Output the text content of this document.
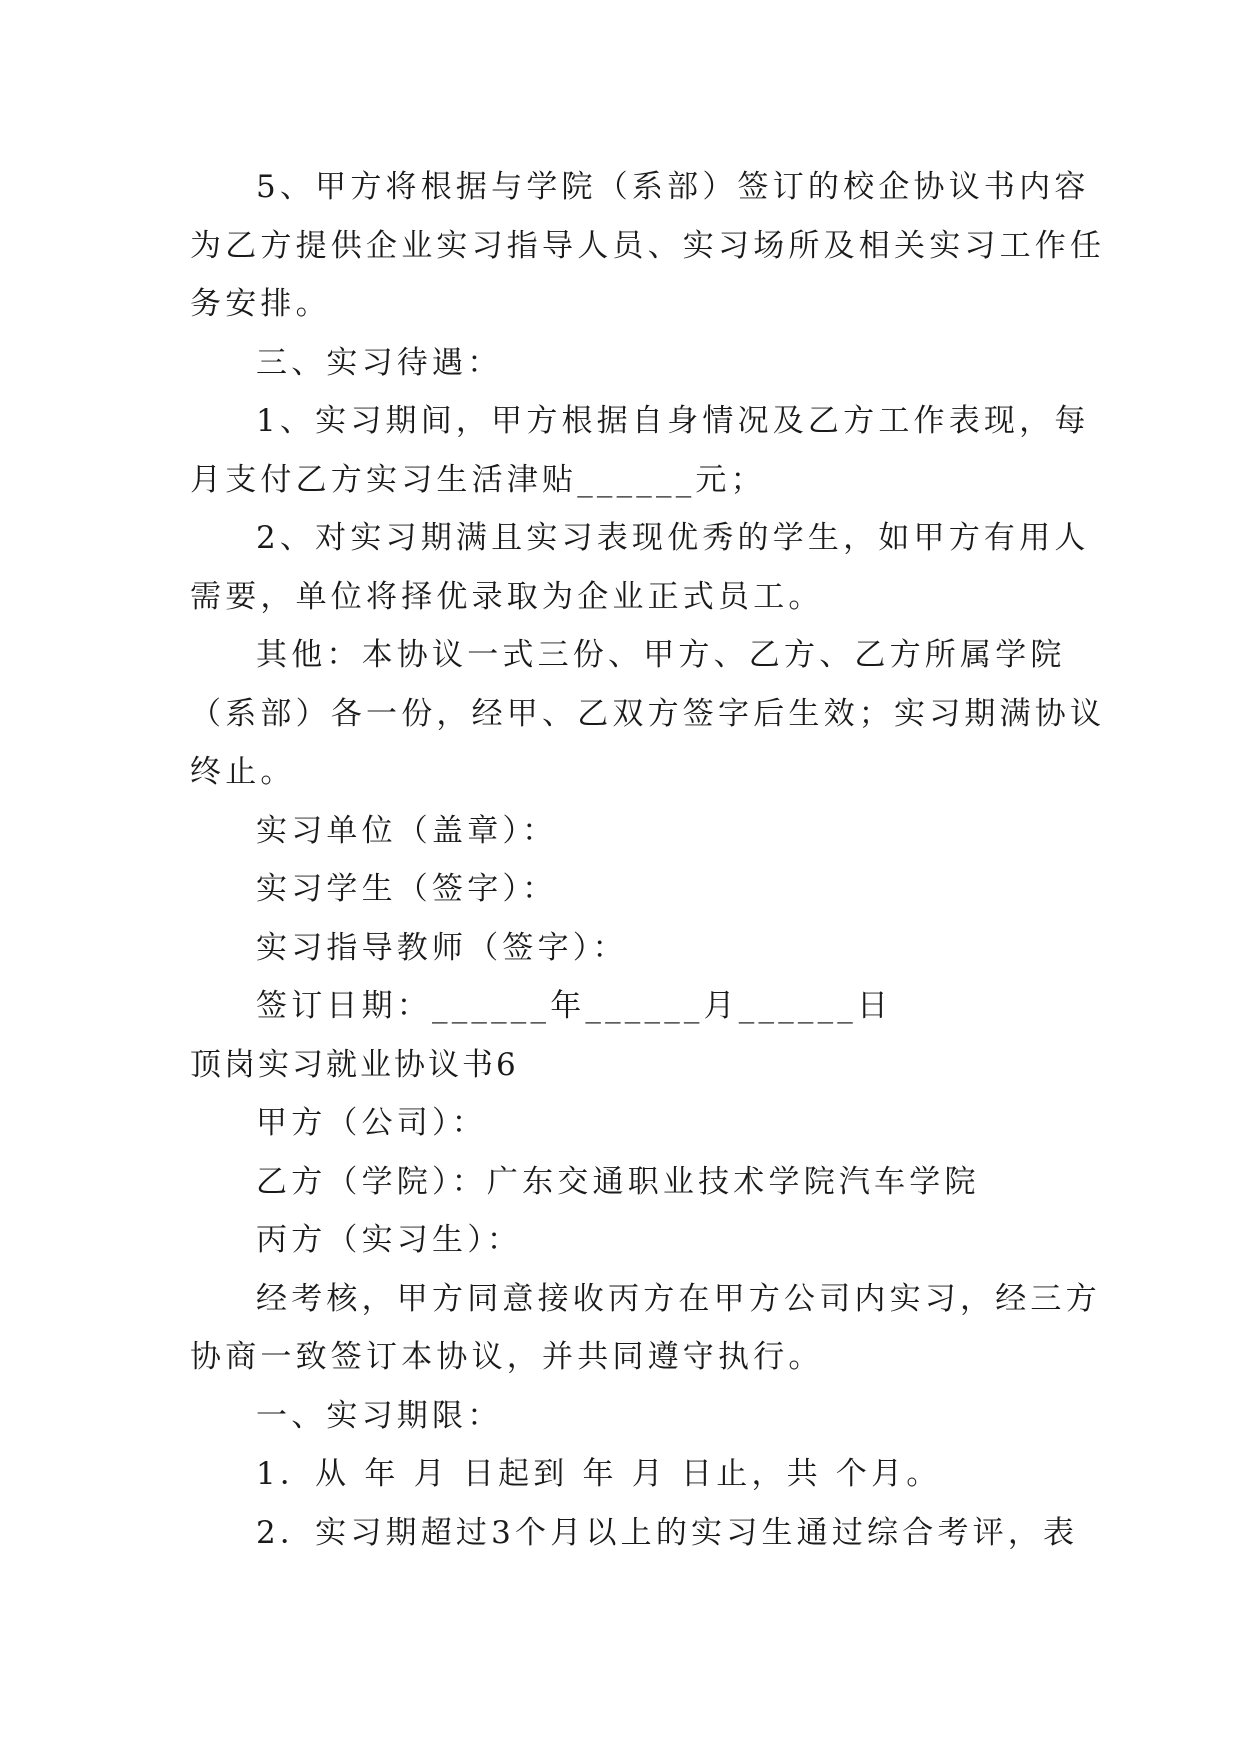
5、甲方将根据与学院（系部）签订的校企协议书内容
为乙方提供企业实习指导人员、实习场所及相关实习工作任
务安排。
三、实习待遇：
1、实习期间，甲方根据自身情况及乙方工作表现，每
月支付乙方实习生活津贴______元；
2、对实习期满且实习表现优秀的学生，如甲方有用人
需要，单位将择优录取为企业正式员工。
其他：本协议一式三份、甲方、乙方、乙方所属学院
（系部）各一份，经甲、乙双方签字后生效；实习期满协议
终止。
实习单位（盖章）：
实习学生（签字）：
实习指导教师（签字）：
签订日期：______年______月______日
顶岗实习就业协议书6
甲方（公司）：
乙方（学院）：广东交通职业技术学院汽车学院
丙方（实习生）：
经考核，甲方同意接收丙方在甲方公司内实习，经三方
协商一致签订本协议，并共同遵守执行。
一、实习期限：
1．从 年 月 日起到 年 月 日止，共 个月。
2．实习期超过3个月以上的实习生通过综合考评，表
